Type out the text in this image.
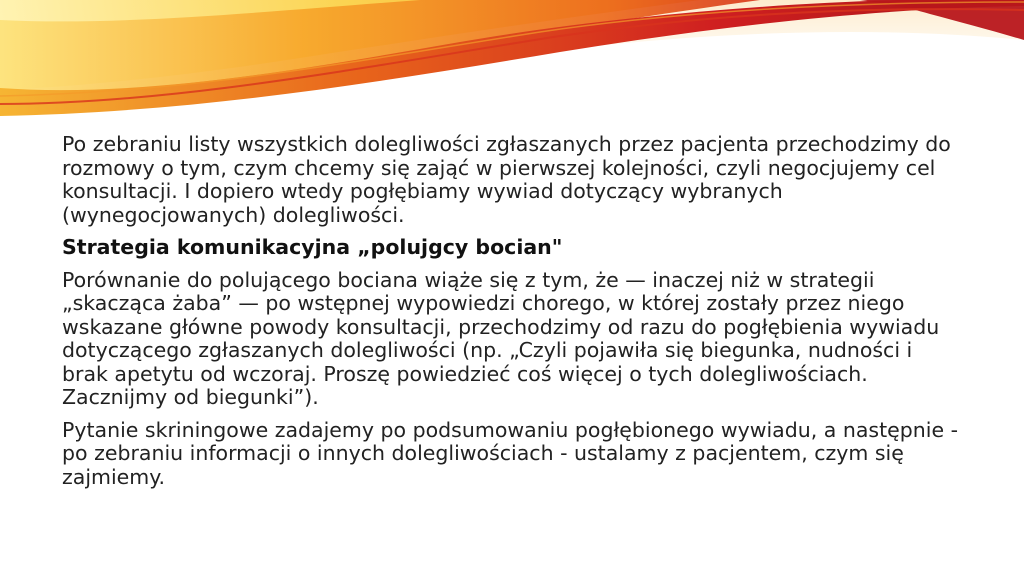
Po zebraniu listy wszystkich dolegliwości zgłaszanych przez pacjenta przechodzimy do rozmowy o tym, czym chcemy się zająć w pierwszej kolejności, czyli negocjujemy cel konsultacji. I dopiero wtedy pogłębiamy wywiad dotyczący wybranych (wynegocjowanych) dolegliwości.

Strategia komunikacyjna „polujgcy bocian"

Porównanie do polującego bociana wiąże się z tym, że — inaczej niż w strategii „skacząca żaba” — po wstępnej wypowiedzi chorego, w której zostały przez niego wskazane główne powody konsultacji, przechodzimy od razu do pogłębienia wywiadu dotyczącego zgłaszanych dolegliwości (np. „Czyli pojawiła się biegunka, nudności i brak apetytu od wczoraj. Proszę powiedzieć coś więcej o tych dolegliwościach. Zacznijmy od biegunki”).

Pytanie skriningowe zadajemy po podsumowaniu pogłębionego wywiadu, a następnie - po zebraniu informacji o innych dolegliwościach - ustalamy z pacjentem, czym się zajmiemy.
